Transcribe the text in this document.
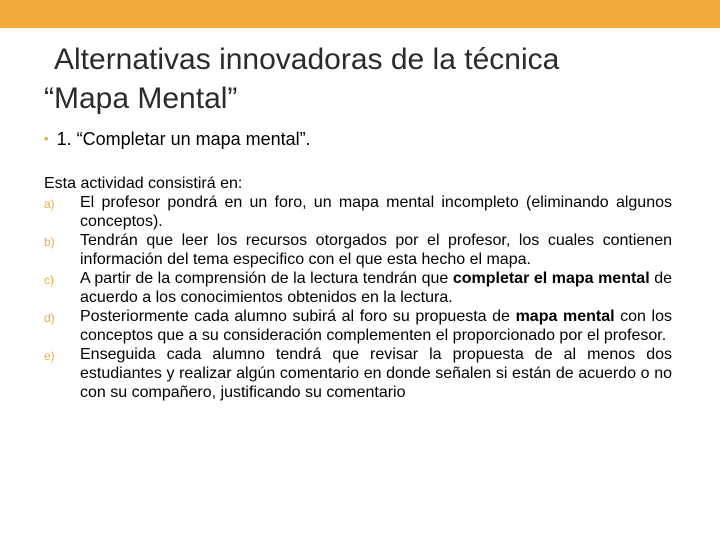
Alternativas innovadoras de la técnica
“Mapa Mental”
• 1. “Completar un mapa mental”.

Esta actividad consistirá en:

a) El profesor pondrá en un foro, un mapa mental incompleto (eliminando algunos conceptos).
b) Tendrán que leer los recursos otorgados por el profesor, los cuales contienen información del tema especifico con el que esta hecho el mapa.
c) A partir de la comprensión de la lectura tendrán que completar el mapa mental de acuerdo a los conocimientos obtenidos en la lectura.
d) Posteriormente cada alumno subirá al foro su propuesta de mapa mental con los conceptos que a su consideración complementen el proporcionado por el profesor.
e) Enseguida cada alumno tendrá que revisar la propuesta de al menos dos estudiantes y realizar algún comentario en donde señalen si están de acuerdo o no con su compañero, justificando su comentario
